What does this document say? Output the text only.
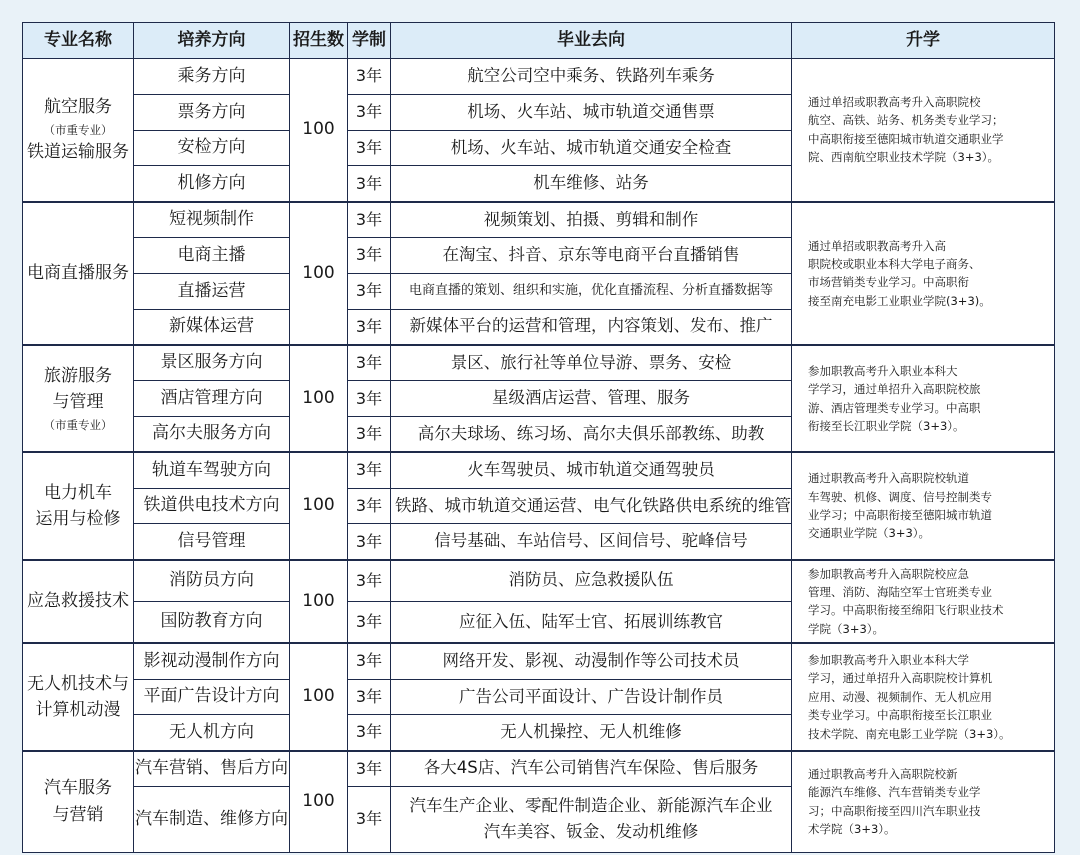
专业名称	培养方向	招生数	学制	毕业去向	升学

航空服务
（市重专业）
铁道运输服务	乘务方向	100	3年	航空公司空中乘务、铁路列车乘务	通过单招或职教高考升入高职院校
航空、高铁、站务、机务类专业学习；
中高职衔接至德阳城市轨道交通职业学
院、西南航空职业技术学院（3+3）。

	票务方向		3年	机场、火车站、城市轨道交通售票	
	安检方向		3年	机场、火车站、城市轨道交通安全检查	
	机修方向		3年	机车维修、站务	

电商直播服务	短视频制作	100	3年	视频策划、拍摄、剪辑和制作	通过单招或职教高考升入高
职院校或职业本科大学电子商务、
市场营销类专业学习。中高职衔
接至南充电影工业职业学院(3+3)。

	电商主播		3年	在淘宝、抖音、京东等电商平台直播销售	
	直播运营		3年	电商直播的策划、组织和实施，优化直播流程、分析直播数据等	
	新媒体运营		3年	新媒体平台的运营和管理，内容策划、发布、推广	

旅游服务
与管理
（市重专业）	景区服务方向	100	3年	景区、旅行社等单位导游、票务、安检	参加职教高考升入职业本科大
学学习，通过单招升入高职院校旅
游、酒店管理类专业学习。中高职
衔接至长江职业学院（3+3）。

	酒店管理方向		3年	星级酒店运营、管理、服务	
	高尔夫服务方向		3年	高尔夫球场、练习场、高尔夫俱乐部教练、助教	

电力机车
运用与检修	轨道车驾驶方向	100	3年	火车驾驶员、城市轨道交通驾驶员	通过职教高考升入高职院校轨道
车驾驶、机修、调度、信号控制类专
业学习；中高职衔接至德阳城市轨道
交通职业学院（3+3）。

	铁道供电技术方向		3年	铁路、城市轨道交通运营、电气化铁路供电系统的维管	
	信号管理		3年	信号基础、车站信号、区间信号、驼峰信号	

应急救援技术	消防员方向	100	3年	消防员、应急救援队伍	参加职教高考升入高职院校应急
管理、消防、海陆空军士官班类专业
学习。中高职衔接至绵阳飞行职业技术
学院（3+3）。

	国防教育方向		3年	应征入伍、陆军士官、拓展训练教官	

无人机技术与
计算机动漫	影视动漫制作方向	100	3年	网络开发、影视、动漫制作等公司技术员	参加职教高考升入职业本科大学
学习，通过单招升入高职院校计算机
应用、动漫、视频制作、无人机应用
类专业学习。中高职衔接至长江职业
技术学院、南充电影工业学院（3+3）。

	平面广告设计方向		3年	广告公司平面设计、广告设计制作员	
	无人机方向		3年	无人机操控、无人机维修	

汽车服务
与营销	汽车营销、售后方向	100	3年	各大4S店、汽车公司销售汽车保险、售后服务	通过职教高考升入高职院校新
能源汽车维修、汽车营销类专业学
习；中高职衔接至四川汽车职业技
术学院（3+3）。

	汽车制造、维修方向		3年	汽车生产企业、零配件制造企业、新能源汽车企业
汽车美容、钣金、发动机维修	
